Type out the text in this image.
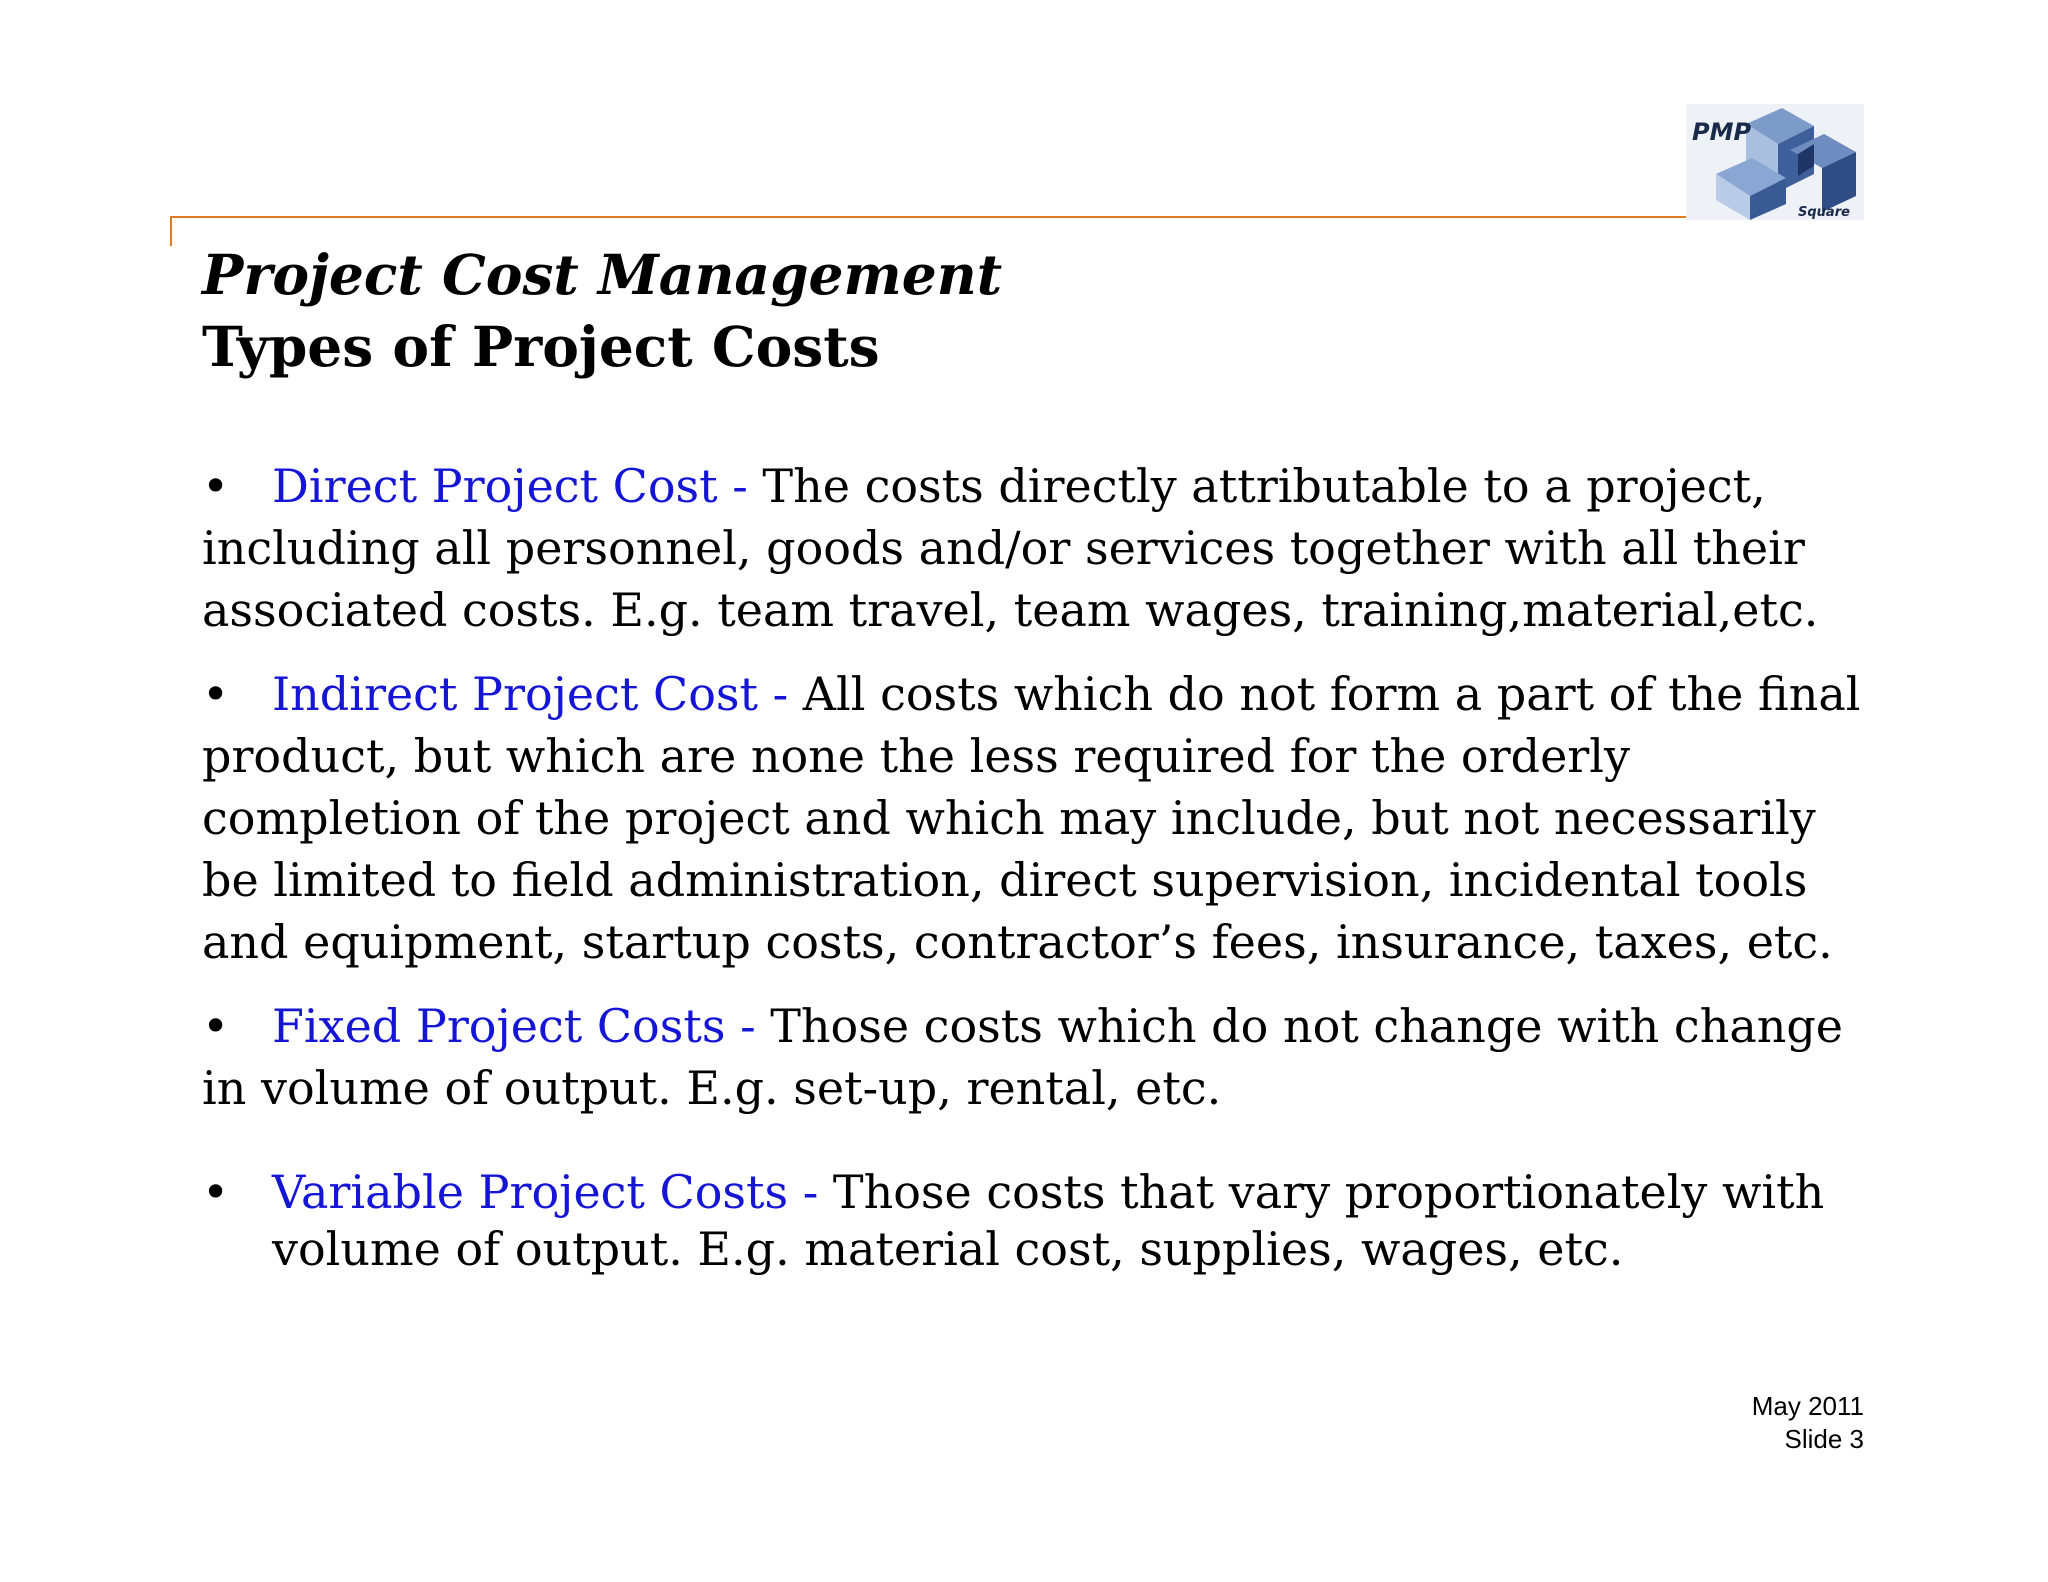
PMP
Square
Project Cost Management
Types of Project Costs
• Direct Project Cost - The costs directly attributable to a project, including all personnel, goods and/or services together with all their associated costs. E.g. team travel, team wages, training,material,etc.
• Indirect Project Cost - All costs which do not form a part of the final product, but which are none the less required for the orderly completion of the project and which may include, but not necessarily be limited to field administration, direct supervision, incidental tools and equipment, startup costs, contractor’s fees, insurance, taxes, etc.
• Fixed Project Costs - Those costs which do not change with change in volume of output. E.g. set-up, rental, etc.
• Variable Project Costs - Those costs that vary proportionately with volume of output. E.g. material cost, supplies, wages, etc.
May 2011
Slide 3
